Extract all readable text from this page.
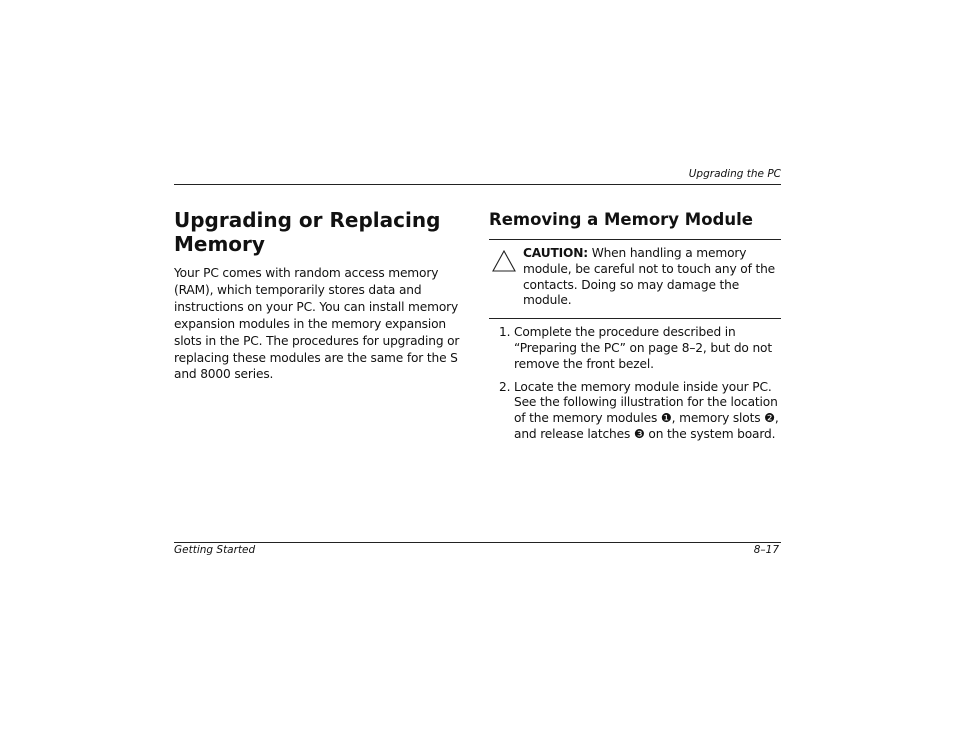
Upgrading the PC
Upgrading or Replacing Memory

Your PC comes with random access memory (RAM), which temporarily stores data and instructions on your PC. You can install memory expansion modules in the memory expansion slots in the PC. The procedures for upgrading or replacing these modules are the same for the S and 8000 series.

Removing a Memory Module
CAUTION: When handling a memory module, be careful not to touch any of the contacts. Doing so may damage the module.
1. Complete the procedure described in “Preparing the PC” on page 8–2, but do not remove the front bezel.
2. Locate the memory module inside your PC. See the following illustration for the location of the memory modules ❶, memory slots ❷, and release latches ❸ on the system board.
Getting Started	8–17
